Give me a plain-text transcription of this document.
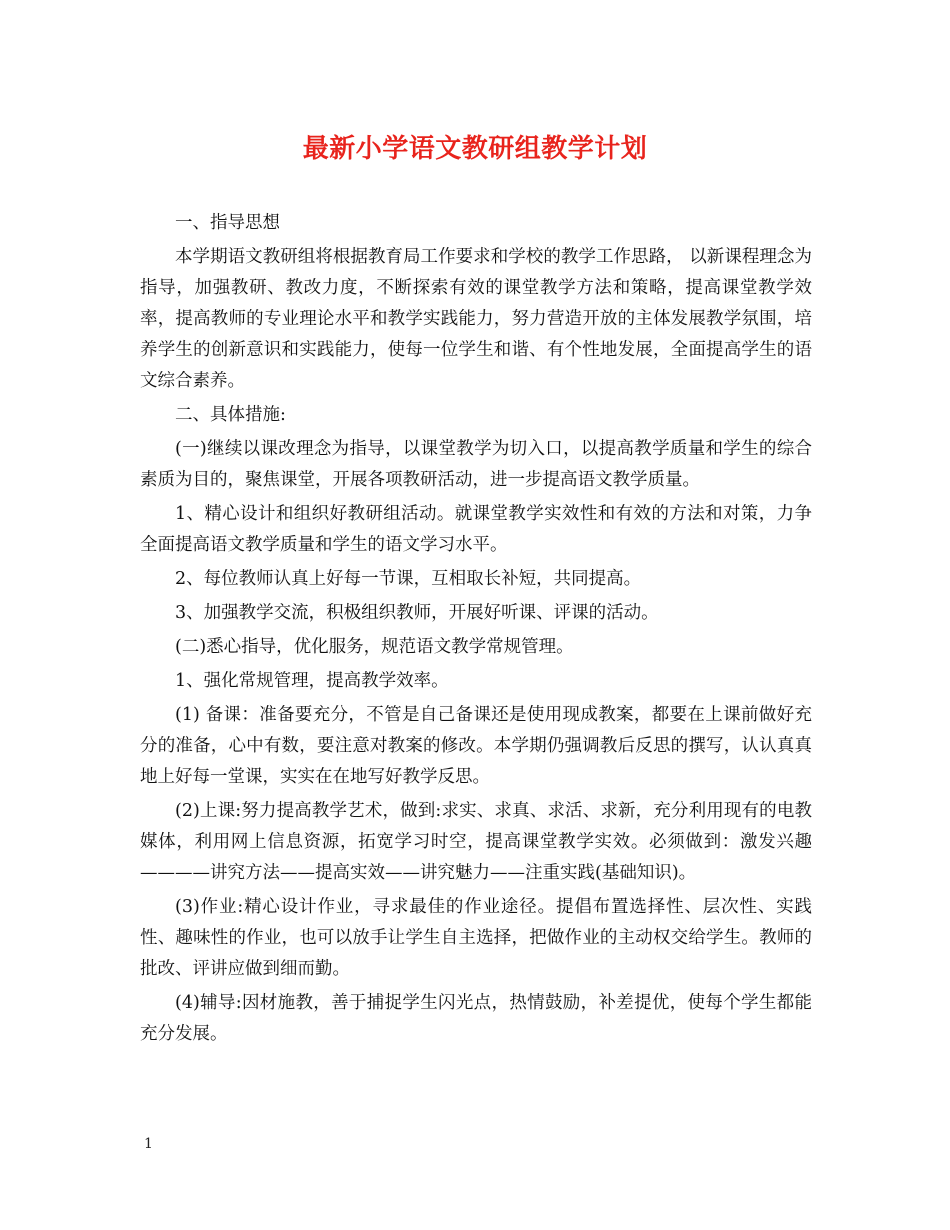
最新小学语文教研组教学计划

一、指导思想

本学期语文教研组将根据教育局工作要求和学校的教学工作思路， 以新课程理念为指导，加强教研、教改力度，不断探索有效的课堂教学方法和策略，提高课堂教学效率，提高教师的专业理论水平和教学实践能力，努力营造开放的主体发展教学氛围，培养学生的创新意识和实践能力，使每一位学生和谐、有个性地发展，全面提高学生的语文综合素养。

二、具体措施:

(一)继续以课改理念为指导，以课堂教学为切入口，以提高教学质量和学生的综合素质为目的，聚焦课堂，开展各项教研活动，进一步提高语文教学质量。

1、精心设计和组织好教研组活动。就课堂教学实效性和有效的方法和对策，力争全面提高语文教学质量和学生的语文学习水平。

2、每位教师认真上好每一节课，互相取长补短，共同提高。

3、加强教学交流，积极组织教师，开展好听课、评课的活动。

(二)悉心指导，优化服务，规范语文教学常规管理。

1、强化常规管理，提高教学效率。

(1) 备课：准备要充分，不管是自己备课还是使用现成教案，都要在上课前做好充分的准备，心中有数，要注意对教案的修改。本学期仍强调教后反思的撰写，认认真真地上好每一堂课，实实在在地写好教学反思。

(2)上课:努力提高教学艺术，做到:求实、求真、求活、求新，充分利用现有的电教媒体，利用网上信息资源，拓宽学习时空，提高课堂教学实效。必须做到：激发兴趣————讲究方法——提高实效——讲究魅力——注重实践(基础知识)。

(3)作业:精心设计作业，寻求最佳的作业途径。提倡布置选择性、层次性、实践性、趣味性的作业，也可以放手让学生自主选择，把做作业的主动权交给学生。教师的批改、评讲应做到细而勤。

(4)辅导:因材施教，善于捕捉学生闪光点，热情鼓励，补差提优，使每个学生都能充分发展。

1
